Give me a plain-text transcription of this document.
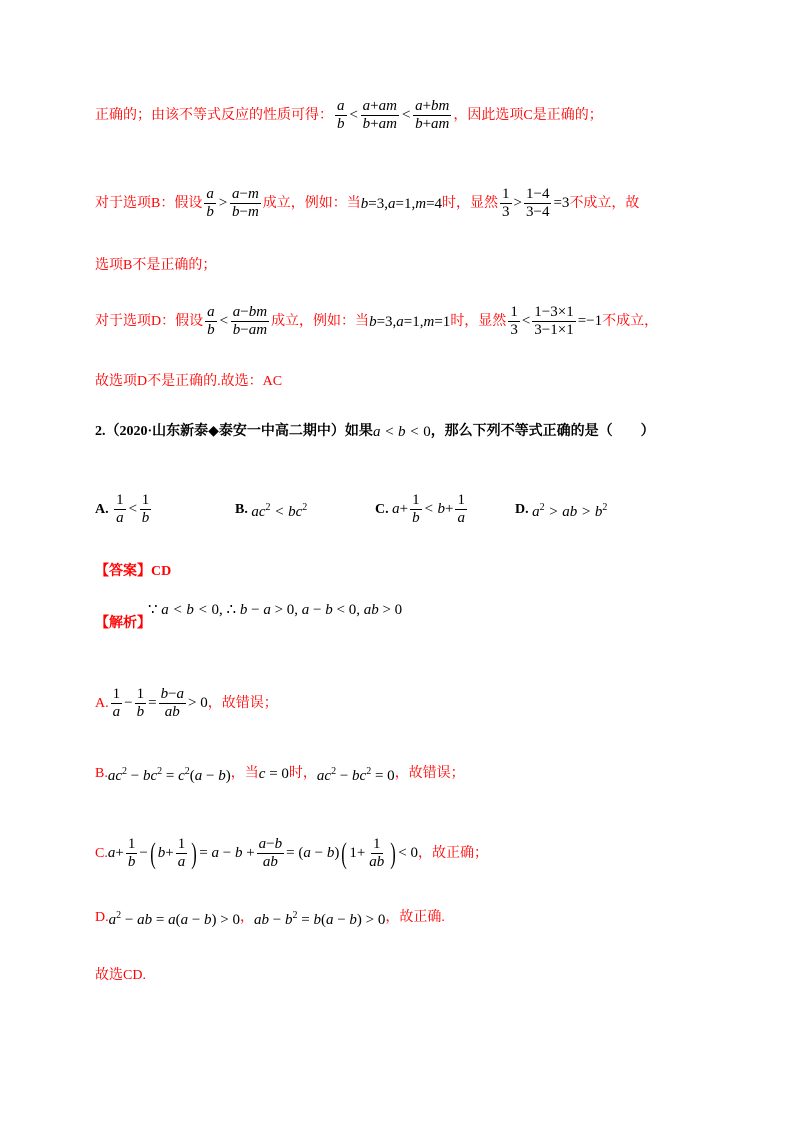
正确的；由该不等式反应的性质可得： $\frac{a}{b} < \frac{a+am}{b+am} < \frac{a+bm}{b+am}$ ，因此选项C是正确的；
对于选项B：假设 $\frac{a}{b} > \frac{a-m}{b-m}$ 成立，例如：当b=3,a=1,m=4时，显然 $\frac{1}{3} > \frac{1-4}{3-4} =3$不成立，故
选项B不是正确的；
对于选项D：假设 $\frac{a}{b} < \frac{a-bm}{b-am}$ 成立，例如：当b=3,a=1,m=1时，显然 $\frac{1}{3} < \frac{1-3\times 1}{3-1\times 1} =-1$不成立，
故选项D不是正确的.故选：AC
2.（2020·山东新泰◆泰安一中高二期中）如果a < b < 0，那么下列不等式正确的是（　　）
A. $\frac{1}{a} < \frac{1}{b}$	B. $ac^2 < bc^2$	C. $a+ \frac{1}{b} < b+ \frac{1}{a}$	D. $a^2$ > ab > $b^2$
【答案】CD
∵ a < b < 0, ∴ b − a > 0, a − b < 0, ab > 0
【解析】
A. $\frac{1}{a} - \frac{1}{b} = \frac{b-a}{ab} > 0$，故错误；
$B.ac^2 - bc^2 = c^2(a - b)$，当c = 0时，$ac^2 - bc^2 = 0$，故错误；
$C.a+ \frac{1}{b}$ −( $b+ \frac{1}{a}$ ) = $a - b + \frac{a-b}{ab} = (a - b)$( $1+ \frac{1}{ab}$ ) < 0，故正确；
$D.a^2$ − ab = a(a − b) > 0，ab − $b^2 = b(a - b) > 0$，故正确.
故选CD.
